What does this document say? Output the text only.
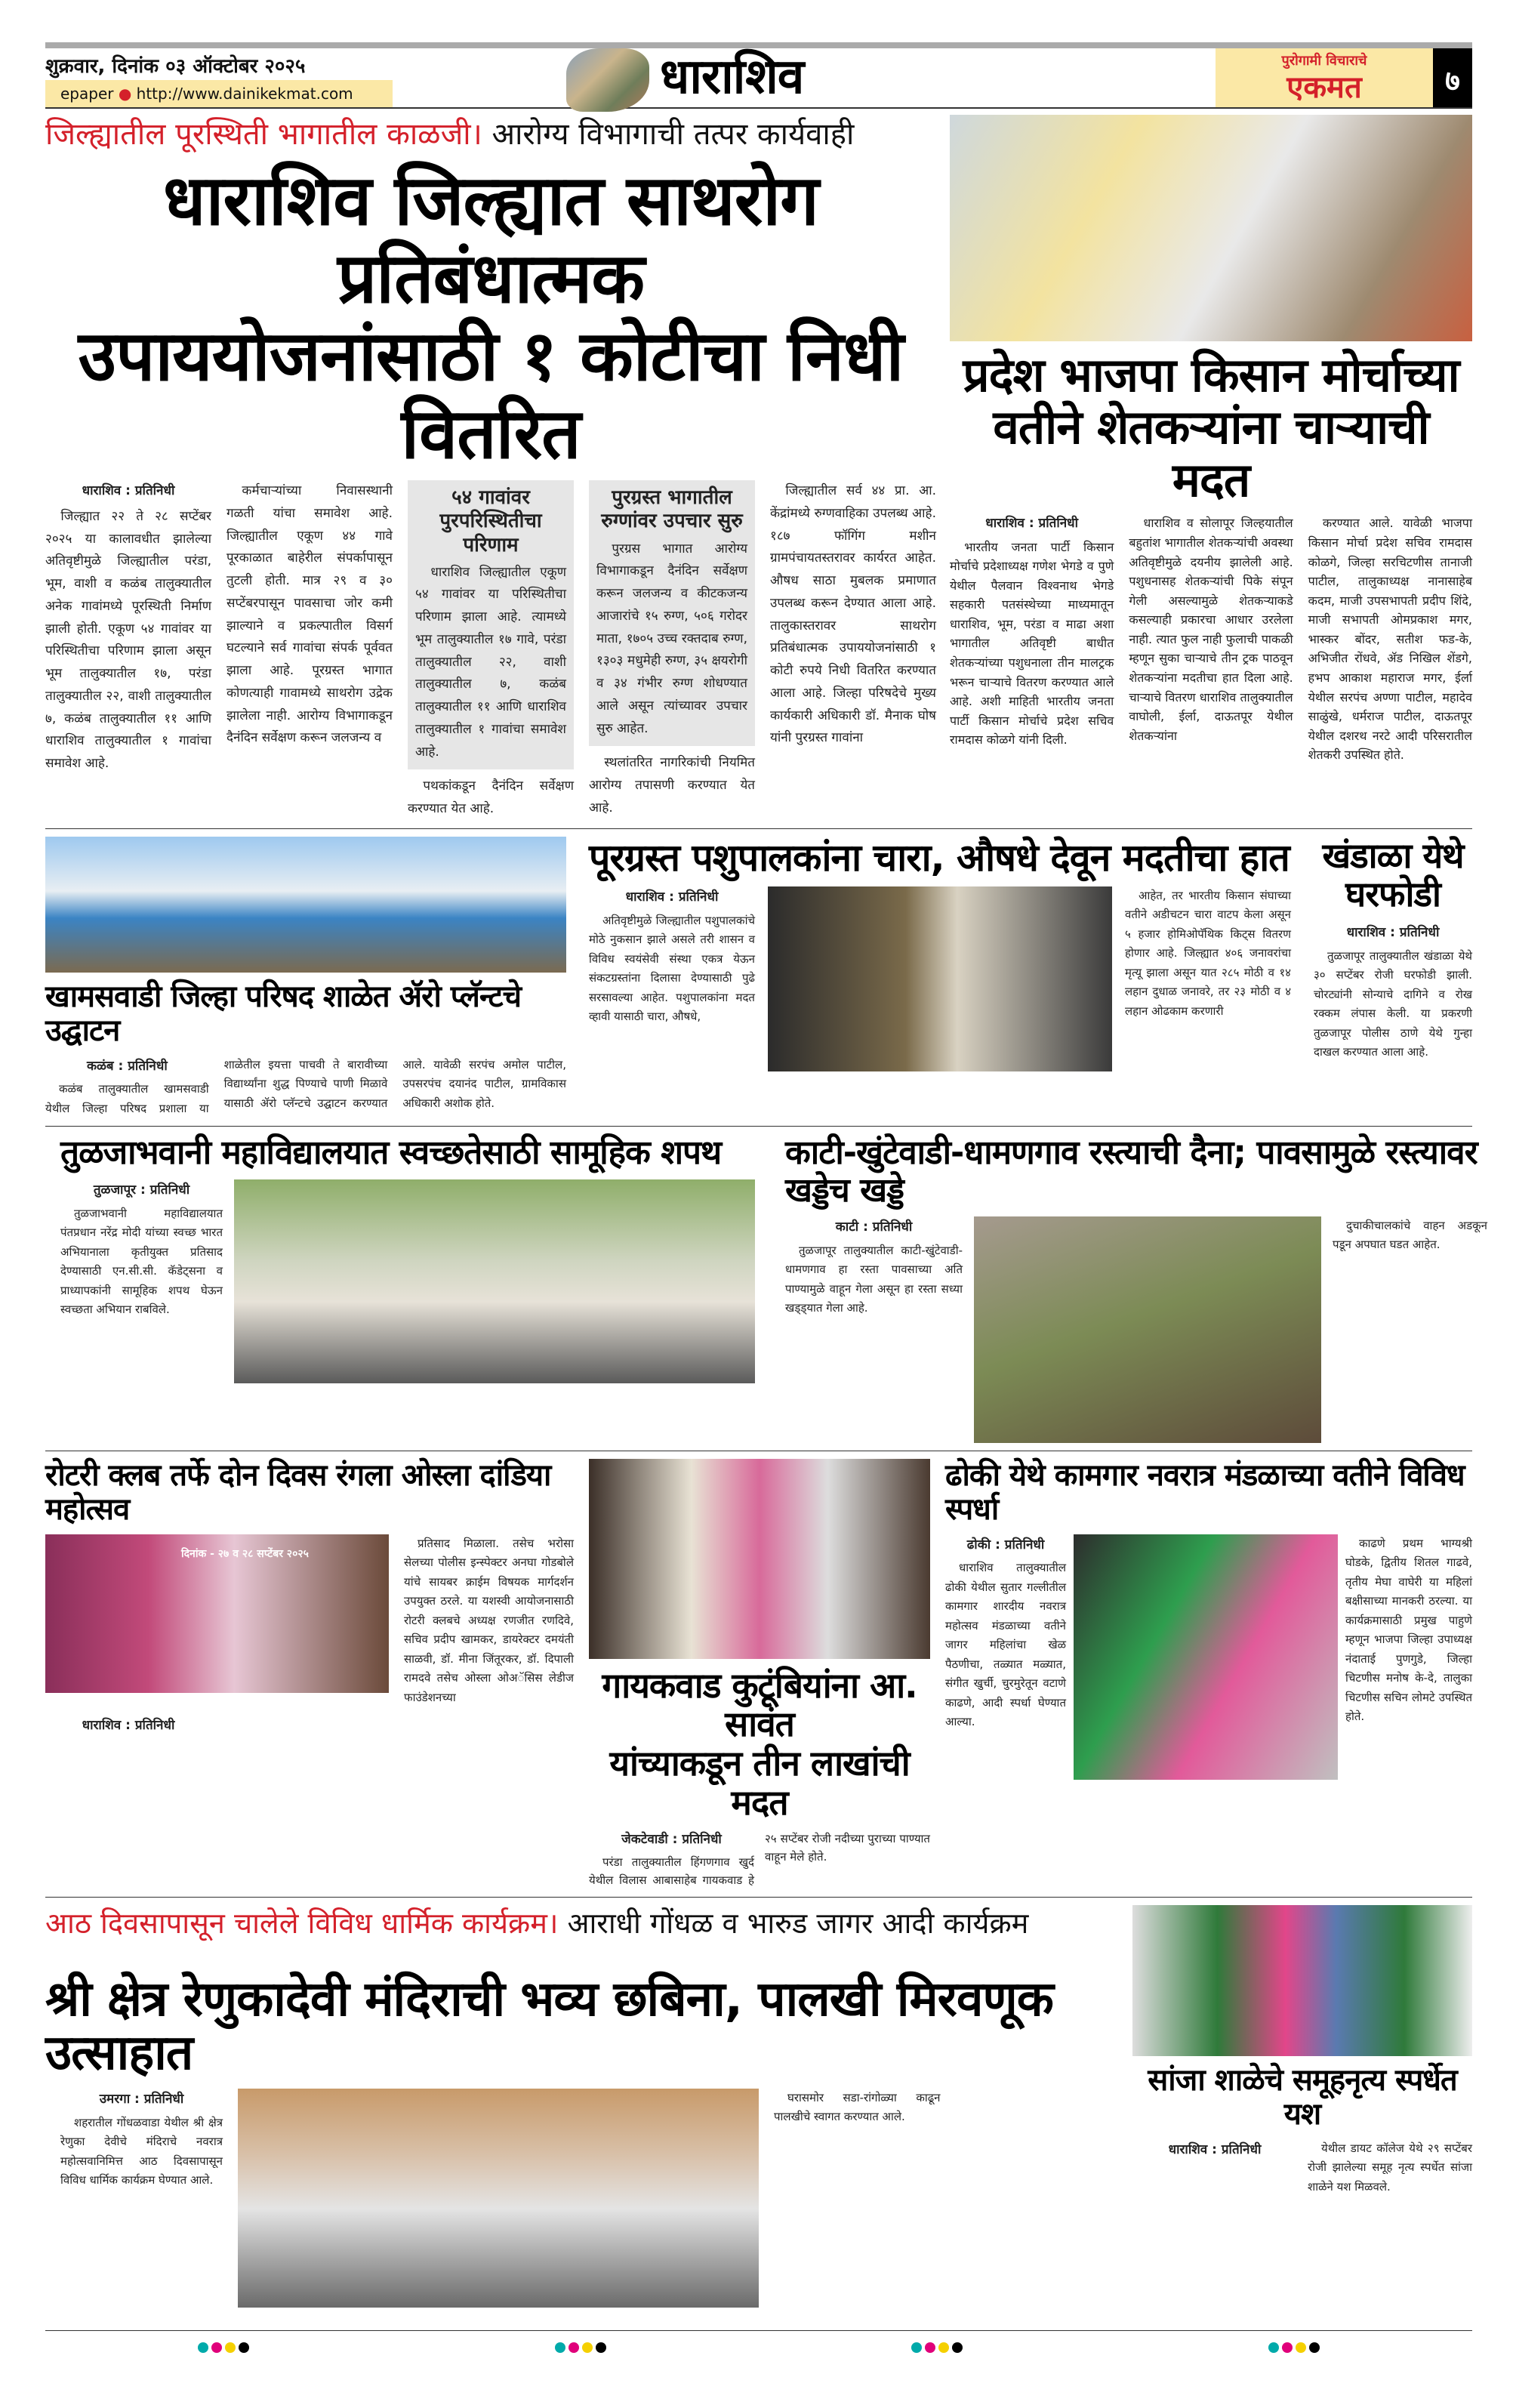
शुक्रवार, दिनांक ०३ ऑक्टोबर २०२५
epaper ● http://www.dainikekmat.com	धाराशिव	पुरोगामी विचाराचे
एकमत	७
जिल्ह्यातील पूरस्थिती भागातील काळजी। आरोग्य विभागाची तत्पर कार्यवाही
धाराशिव जिल्ह्यात साथरोग प्रतिबंधात्मक
उपाययोजनांसाठी १ कोटीचा निधी वितरित
धाराशिव : प्रतिनिधी

जिल्ह्यात २२ ते २८ सप्टेंबर २०२५ या कालावधीत झालेल्या अतिवृष्टीमुळे जिल्ह्यातील परंडा, भूम, वाशी व कळंब तालुक्यातील अनेक गावांमध्ये पूरस्थिती निर्माण झाली होती. एकूण ५४ गावांवर या परिस्थितीचा परिणाम झाला असून भूम तालुक्यातील १७, परंडा तालुक्यातील २२, वाशी तालुक्यातील ७, कळंब तालुक्यातील ११ आणि धाराशिव तालुक्यातील १ गावांचा समावेश आहे.

कर्मचाऱ्यांच्या निवासस्थानी गळती यांचा समावेश आहे. जिल्ह्यातील एकूण ४४ गावे पूरकाळात बाहेरील संपर्कापासून तुटली होती. मात्र २९ व ३० सप्टेंबरपासून पावसाचा जोर कमी झाल्याने व प्रकल्पातील विसर्ग घटल्याने सर्व गावांचा संपर्क पूर्ववत झाला आहे. पूरग्रस्त भागात कोणत्याही गावामध्ये साथरोग उद्रेक झालेला नाही. आरोग्य विभागाकडून दैनंदिन सर्वेक्षण करून जलजन्य व

५४ गावांवर पुरपरिस्थितीचा परिणाम

धाराशिव जिल्ह्यातील एकूण ५४ गावांवर या परिस्थितीचा परिणाम झाला आहे. त्यामध्ये भूम तालुक्यातील १७ गावे, परंडा तालुक्यातील २२, वाशी तालुक्यातील ७, कळंब तालुक्यातील ११ आणि धाराशिव तालुक्यातील १ गावांचा समावेश आहे.

पथकांकडून दैनंदिन सर्वेक्षण करण्यात येत आहे.

पुरग्रस्त भागातील रुग्णांवर उपचार सुरु

पुरग्रस भागात आरोग्य विभागाकडून दैनंदिन सर्वेक्षण करून जलजन्य व कीटकजन्य आजारांचे १५ रुग्ण, ५०६ गरोदर माता, १७०५ उच्च रक्तदाब रुग्ण, १३०३ मधुमेही रुग्ण, ३५ क्षयरोगी व ३४ गंभीर रुग्ण शोधण्यात आले असून त्यांच्यावर उपचार सुरु आहेत.

स्थलांतरित नागरिकांची नियमित आरोग्य तपासणी करण्यात येत आहे.

जिल्ह्यातील सर्व ४४ प्रा. आ. केंद्रांमध्ये रुग्णवाहिका उपलब्ध आहे. १८७ फॉगिंग मशीन ग्रामपंचायतस्तरावर कार्यरत आहेत. औषध साठा मुबलक प्रमाणात उपलब्ध करून देण्यात आला आहे. तालुकास्तरावर साथरोग प्रतिबंधात्मक उपाययोजनांसाठी १ कोटी रुपये निधी वितरित करण्यात आला आहे. जिल्हा परिषदेचे मुख्य कार्यकारी अधिकारी डॉ. मैनाक घोष यांनी पुरग्रस्त गावांना

प्रदेश भाजपा किसान मोर्चाच्या
वतीने शेतकऱ्यांना चाऱ्याची मदत
धाराशिव : प्रतिनिधी

भारतीय जनता पार्टी किसान मोर्चाचे प्रदेशाध्यक्ष गणेश भेगडे व पुणे येथील पैलवान विश्वनाथ भेगडे सहकारी पतसंस्थेच्या माध्यमातून धाराशिव, भूम, परंडा व माढा अशा भागातील अतिवृष्टी बाधीत शेतकऱ्यांच्या पशुधनाला तीन मालट्रक भरून चाऱ्याचे वितरण करण्यात आले आहे. अशी माहिती भारतीय जनता पार्टी किसान मोर्चाचे प्रदेश सचिव रामदास कोळगे यांनी दिली.

धाराशिव व सोलापूर जिल्हयातील बहुतांश भागातील शेतकऱ्यांची अवस्था अतिवृष्टीमुळे दयनीय झालेली आहे. पशुधनासह शेतकऱ्यांची पिके संपून गेली असल्यामुळे शेतकऱ्याकडे कसल्याही प्रकारचा आधार उरलेला नाही. त्यात फुल नाही फुलाची पाकळी म्हणून सुका चाऱ्याचे तीन ट्रक पाठवून शेतकऱ्यांना मदतीचा हात दिला आहे. चाऱ्याचे वितरण धाराशिव तालुक्यातील वाघोली, ईर्ला, दाऊतपूर येथील शेतकऱ्यांना

करण्यात आले. यावेळी भाजपा किसान मोर्चा प्रदेश सचिव रामदास कोळगे, जिल्हा सरचिटणीस तानाजी पाटील, तालुकाध्यक्ष नानासाहेब कदम, माजी उपसभापती प्रदीप शिंदे, माजी सभापती ओमप्रकाश मगर, भास्कर बोंदर, सतीश फड-के, अभिजीत रोंधवे, ॲड निखिल शेंडगे, हभप आकाश महाराज मगर, ईर्ला येथील सरपंच अण्णा पाटील, महादेव साळुंखे, धर्मराज पाटील, दाऊतपूर येथील दशरथ नरटे आदी परिसरातील शेतकरी उपस्थित होते.

खामसवाडी जिल्हा परिषद शाळेत ॲरो प्लॅन्टचे उद्घाटन
कळंब : प्रतिनिधी

कळंब तालुक्यातील खामसवाडी येथील जिल्हा परिषद प्रशाला या शाळेतील इयत्ता पाचवी ते बारावीच्या विद्यार्थ्यांना शुद्ध पिण्याचे पाणी मिळावे यासाठी ॲरो प्लॅन्टचे उद्घाटन करण्यात आले. यावेळी सरपंच अमोल पाटील, उपसरपंच दयानंद पाटील, ग्रामविकास अधिकारी अशोक होते.

पूरग्रस्त पशुपालकांना चारा, औषधे देवून मदतीचा हात
धाराशिव : प्रतिनिधी

अतिवृष्टीमुळे जिल्ह्यातील पशुपालकांचे मोठे नुकसान झाले असले तरी शासन व विविध स्वयंसेवी संस्था एकत्र येऊन संकटग्रस्तांना दिलासा देण्यासाठी पुढे सरसावल्या आहेत. पशुपालकांना मदत व्हावी यासाठी चारा, औषधे,

आहेत, तर भारतीय किसान संघाच्या वतीने अडीचटन चारा वाटप केला असून ५ हजार होमिओपॅथिक किट्स वितरण होणार आहे. जिल्ह्यात ४०६ जनावरांचा मृत्यू झाला असून यात २८५ मोठी व १४ लहान दुधाळ जनावरे, तर २३ मोठी व ४ लहान ओढकाम करणारी

खंडाळा येथे घरफोडी
धाराशिव : प्रतिनिधी

तुळजापूर तालुक्यातील खंडाळा येथे ३० सप्टेंबर रोजी घरफोडी झाली. चोरट्यांनी सोन्याचे दागिने व रोख रक्कम लंपास केली. या प्रकरणी तुळजापूर पोलीस ठाणे येथे गुन्हा दाखल करण्यात आला आहे.

तुळजाभवानी महाविद्यालयात स्वच्छतेसाठी सामूहिक शपथ
तुळजापूर : प्रतिनिधी

तुळजाभवानी महाविद्यालयात पंतप्रधान नरेंद्र मोदी यांच्या स्वच्छ भारत अभियानाला कृतीयुक्त प्रतिसाद देण्यासाठी एन.सी.सी. कॅडेट्सना व प्राध्यापकांनी सामूहिक शपथ घेऊन स्वच्छता अभियान राबविले.

काटी-खुंटेवाडी-धामणगाव रस्त्याची दैना; पावसामुळे रस्त्यावर खड्डेच खड्डे
काटी : प्रतिनिधी

तुळजापूर तालुक्यातील काटी-खुंटेवाडी-धामणगाव हा रस्ता पावसाच्या अति पाण्यामुळे वाहून गेला असून हा रस्ता सध्या खड्ड्यात गेला आहे.

दुचाकीचालकांचे वाहन अडकून पडून अपघात घडत आहेत.

रोटरी क्लब तर्फे दोन दिवस रंगला ओस्ला दांडिया महोत्सव
दिनांक - २७ व २८ सप्टेंबर २०२५

प्रतिसाद मिळाला. तसेच भरोसा सेलच्या पोलीस इन्स्पेक्टर अनघा गोडबोले यांचे सायबर क्राईम विषयक मार्गदर्शन उपयुक्त ठरले. या यशस्वी आयोजनासाठी रोटरी क्लबचे अध्यक्ष रणजीत रणदिवे, सचिव प्रदीप खामकर, डायरेक्टर दमयंती साळवी, डॉ. मीना जिंतूरकर, डॉ. दिपाली रामदवे तसेच ओस्ला ओअॅसिस लेडीज फाउंडेशनच्या

धाराशिव : प्रतिनिधी
गायकवाड कुटूंबियांना आ. सावंत
यांच्याकडून तीन लाखांची मदत
जेकटेवाडी : प्रतिनिधी

परंडा तालुक्यातील हिंगणगाव खुर्द येथील विलास आबासाहेब गायकवाड हे २५ सप्टेंबर रोजी नदीच्या पुराच्या पाण्यात वाहून मेले होते.

ढोकी येथे कामगार नवरात्र मंडळाच्या वतीने विविध स्पर्धा
ढोकी : प्रतिनिधी

धाराशिव तालुक्यातील ढोकी येथील सुतार गल्लीतील कामगार शारदीय नवरात्र महोत्सव मंडळाच्या वतीने जागर महिलांचा खेळ पैठणीचा, तळ्यात मळ्यात, संगीत खुर्ची, चुरमुरेतून वटाणे काढणे, आदी स्पर्धा घेण्यात आल्या.

काढणे प्रथम भाग्यश्री घोडके, द्वितीय शितल गाढवे, तृतीय मेघा वाघेरी या महिलां बक्षीसाच्या मानकरी ठरल्या. या कार्यक्रमासाठी प्रमुख पाहुणे म्हणून भाजपा जिल्हा उपाध्यक्ष नंदाताई पुणगुडे, जिल्हा चिटणीस मनोष के-दे, तालुका चिटणीस सचिन लोमटे उपस्थित होते.

आठ दिवसापासून चालेले विविध धार्मिक कार्यक्रम। आराधी गोंधळ व भारुड जागर आदी कार्यक्रम
श्री क्षेत्र रेणुकादेवी मंदिराची भव्य छबिना, पालखी मिरवणूक उत्साहात
उमरगा : प्रतिनिधी

शहरातील गोंधळवाडा येथील श्री क्षेत्र रेणुका देवीचे मंदिराचे नवरात्र महोत्सवानिमित्त आठ दिवसापासून विविध धार्मिक कार्यक्रम घेण्यात आले.

घरासमोर सडा-रांगोळ्या काढून पालखीचे स्वागत करण्यात आले.

सांजा शाळेचे समूहनृत्य स्पर्धेत यश
धाराशिव : प्रतिनिधी	येथील डायट कॉलेज येथे २९ सप्टेंबर रोजी झालेल्या समूह नृत्य स्पर्धेत सांजा शाळेने यश मिळवले.
